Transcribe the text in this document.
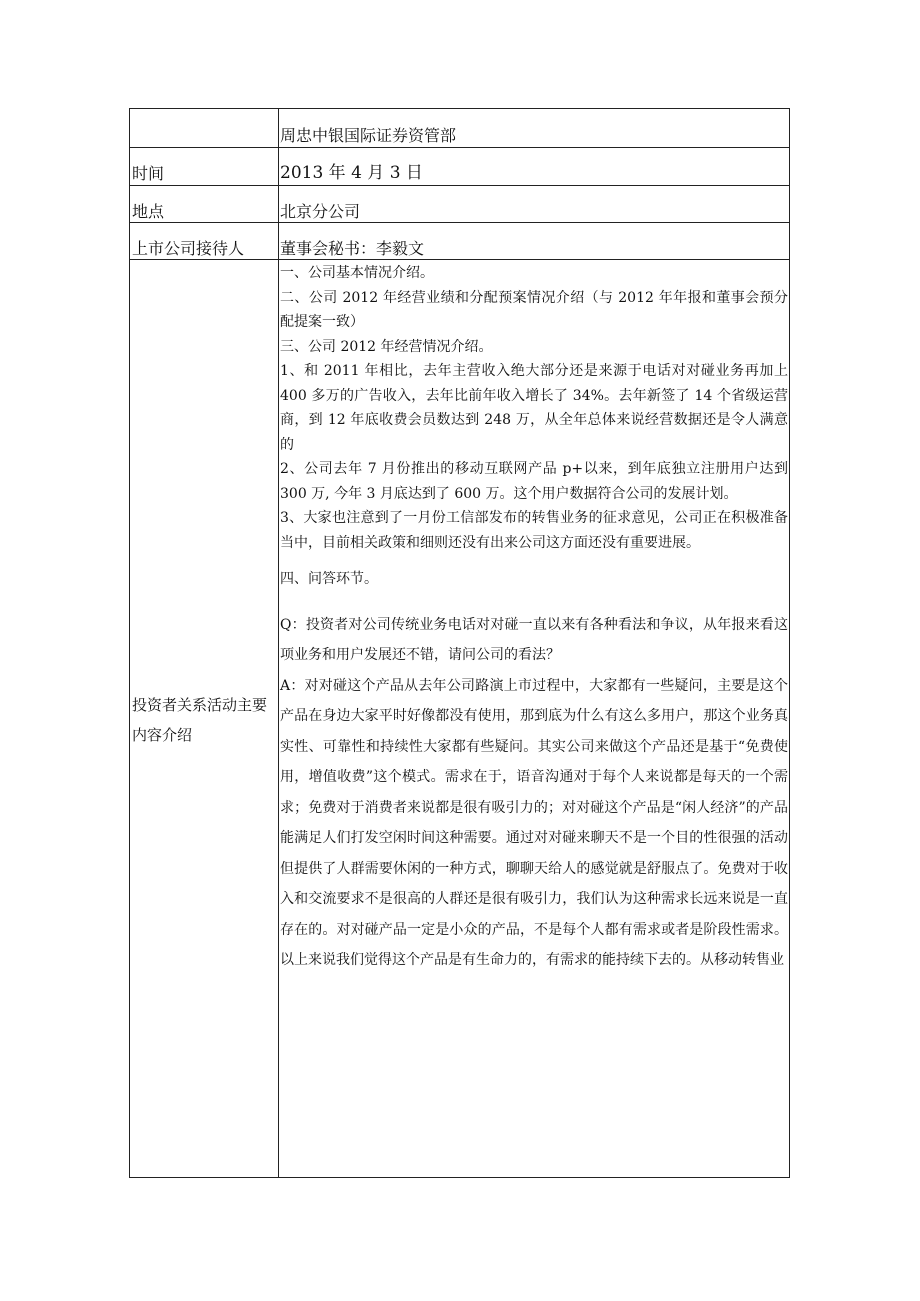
周忠中银国际证券资管部
时间	2013 年 4 月 3 日
地点	北京分公司
上市公司接待人 董事会秘书：李毅文
投资者关系活动主要内容介绍

一、公司基本情况介绍。

二、公司 2012 年经营业绩和分配预案情况介绍（与 2012 年年报和董事会预分配提案一致）

三、公司 2012 年经营情况介绍。

1、和 2011 年相比，去年主营收入绝大部分还是来源于电话对对碰业务再加上 400 多万的广告收入，去年比前年收入增长了 34%。去年新签了 14 个省级运营商，到 12 年底收费会员数达到 248 万，从全年总体来说经营数据还是令人满意的

2、公司去年 7 月份推出的移动互联网产品 p+以来，到年底独立注册用户达到 300 万, 今年 3 月底达到了 600 万。这个用户数据符合公司的发展计划。

3、大家也注意到了一月份工信部发布的转售业务的征求意见，公司正在积极准备当中，目前相关政策和细则还没有出来公司这方面还没有重要进展。

四、问答环节。

Q：投资者对公司传统业务电话对对碰一直以来有各种看法和争议，从年报来看这项业务和用户发展还不错，请问公司的看法？

A：对对碰这个产品从去年公司路演上市过程中，大家都有一些疑问，主要是这个产品在身边大家平时好像都没有使用，那到底为什么有这么多用户，那这个业务真实性、可靠性和持续性大家都有些疑问。其实公司来做这个产品还是基于“免费使用，增值收费”这个模式。需求在于，语音沟通对于每个人来说都是每天的一个需求；免费对于消费者来说都是很有吸引力的；对对碰这个产品是“闲人经济”的产品能满足人们打发空闲时间这种需要。通过对对碰来聊天不是一个目的性很强的活动但提供了人群需要休闲的一种方式，聊聊天给人的感觉就是舒服点了。免费对于收入和交流要求不是很高的人群还是很有吸引力，我们认为这种需求长远来说是一直存在的。对对碰产品一定是小众的产品，不是每个人都有需求或者是阶段性需求。以上来说我们觉得这个产品是有生命力的，有需求的能持续下去的。从移动转售业
